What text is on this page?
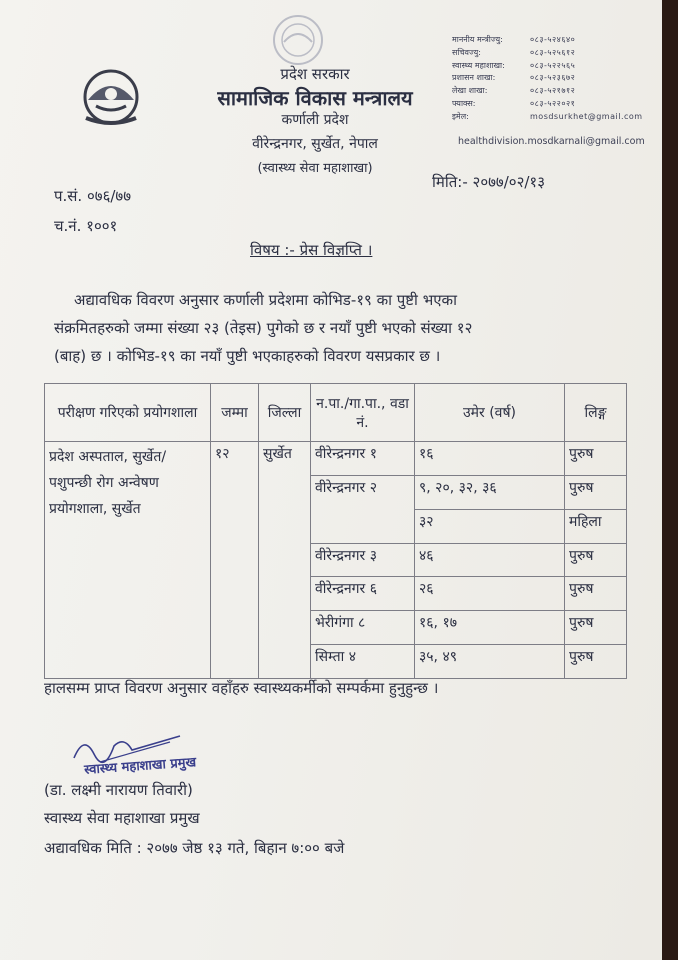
प्रदेश सरकार
सामाजिक विकास मन्त्रालय
कर्णाली प्रदेश
वीरेन्द्रनगर, सुर्खेत, नेपाल
(स्वास्थ्य सेवा महाशाखा)
माननीय मन्त्रीज्यु:	०८३-५२४६४०
सचिवज्यु:	०८३-५२५६१२
स्वास्थ्य महाशाखा:	०८३-५२२५६५
प्रशासन शाखा:	०८३-५२३६७२
लेखा शाखा:	०८३-५२१७१२
फ्याक्स:	०८३-५२२०२१
इमेल:	mosdsurkhet@gmail.com
healthdivision.mosdkarnali@gmail.com
प.सं. ०७६/७७
च.नं. १००१
मिति:- २०७७/०२/१३
विषय :- प्रेस विज्ञप्ति ।
अद्यावधिक विवरण अनुसार कर्णाली प्रदेशमा कोभिड-१९ का पुष्टी भएका
संक्रमितहरुको जम्मा संख्या २३ (तेइस) पुगेको छ र नयाँ पुष्टी भएको संख्या १२
(बाह) छ । कोभिड-१९ का नयाँ पुष्टी भएकाहरुको विवरण यसप्रकार छ ।
परीक्षण गरिएको प्रयोगशाला	जम्मा	जिल्ला	न.पा./गा.पा., वडा नं.	उमेर (वर्ष)	लिङ्ग
प्रदेश अस्पताल, सुर्खेत/ पशुपन्छी रोग अन्वेषण प्रयोगशाला, सुर्खेत	१२	सुर्खेत	वीरेन्द्रनगर १	१६	पुरुष
			वीरेन्द्रनगर २	९, २०, ३२, ३६	पुरुष
				३२	महिला
			वीरेन्द्रनगर ३	४६	पुरुष
			वीरेन्द्रनगर ६	२६	पुरुष
			भेरीगंगा ८	१६, १७	पुरुष
			सिम्ता ४	३५, ४९	पुरुष
हालसम्म प्राप्त विवरण अनुसार वहाँहरु स्वास्थ्यकर्मीको सम्पर्कमा हुनुहुन्छ ।
स्वास्थ्य महाशाखा प्रमुख
(डा. लक्ष्मी नारायण तिवारी)
स्वास्थ्य सेवा महाशाखा प्रमुख
अद्यावधिक मिति : २०७७ जेष्ठ १३ गते, बिहान ७:०० बजे
